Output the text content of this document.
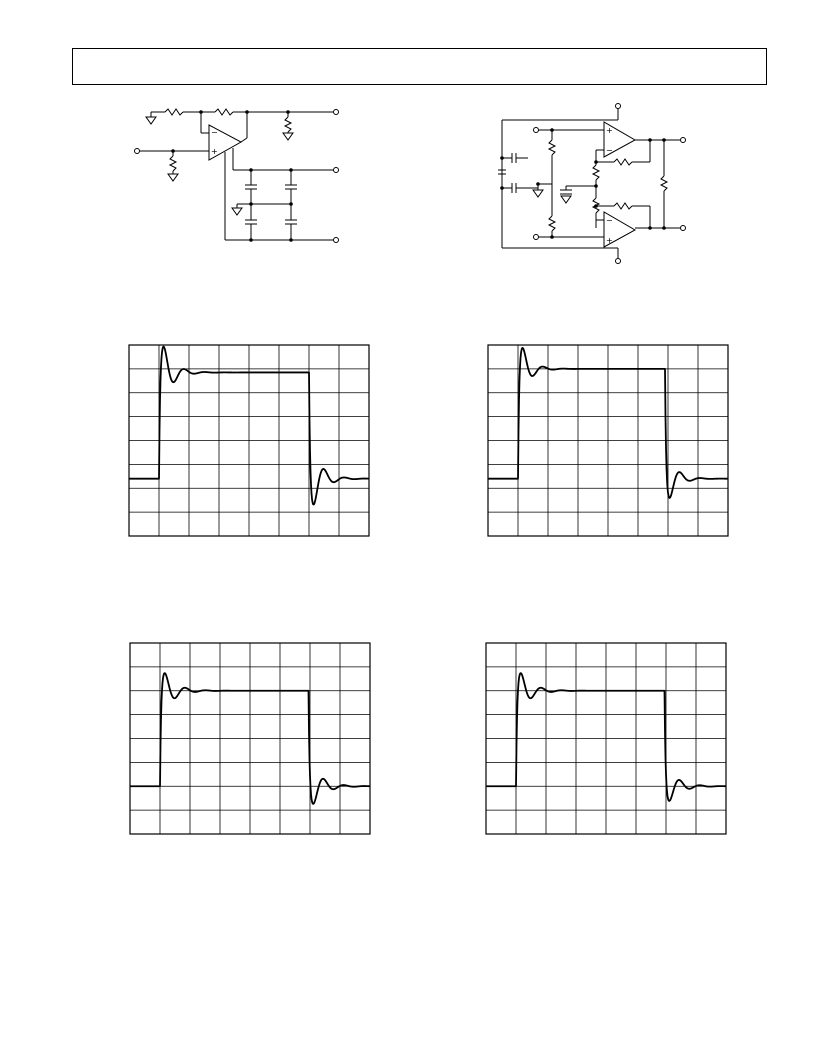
−
+
+
−
−
+
